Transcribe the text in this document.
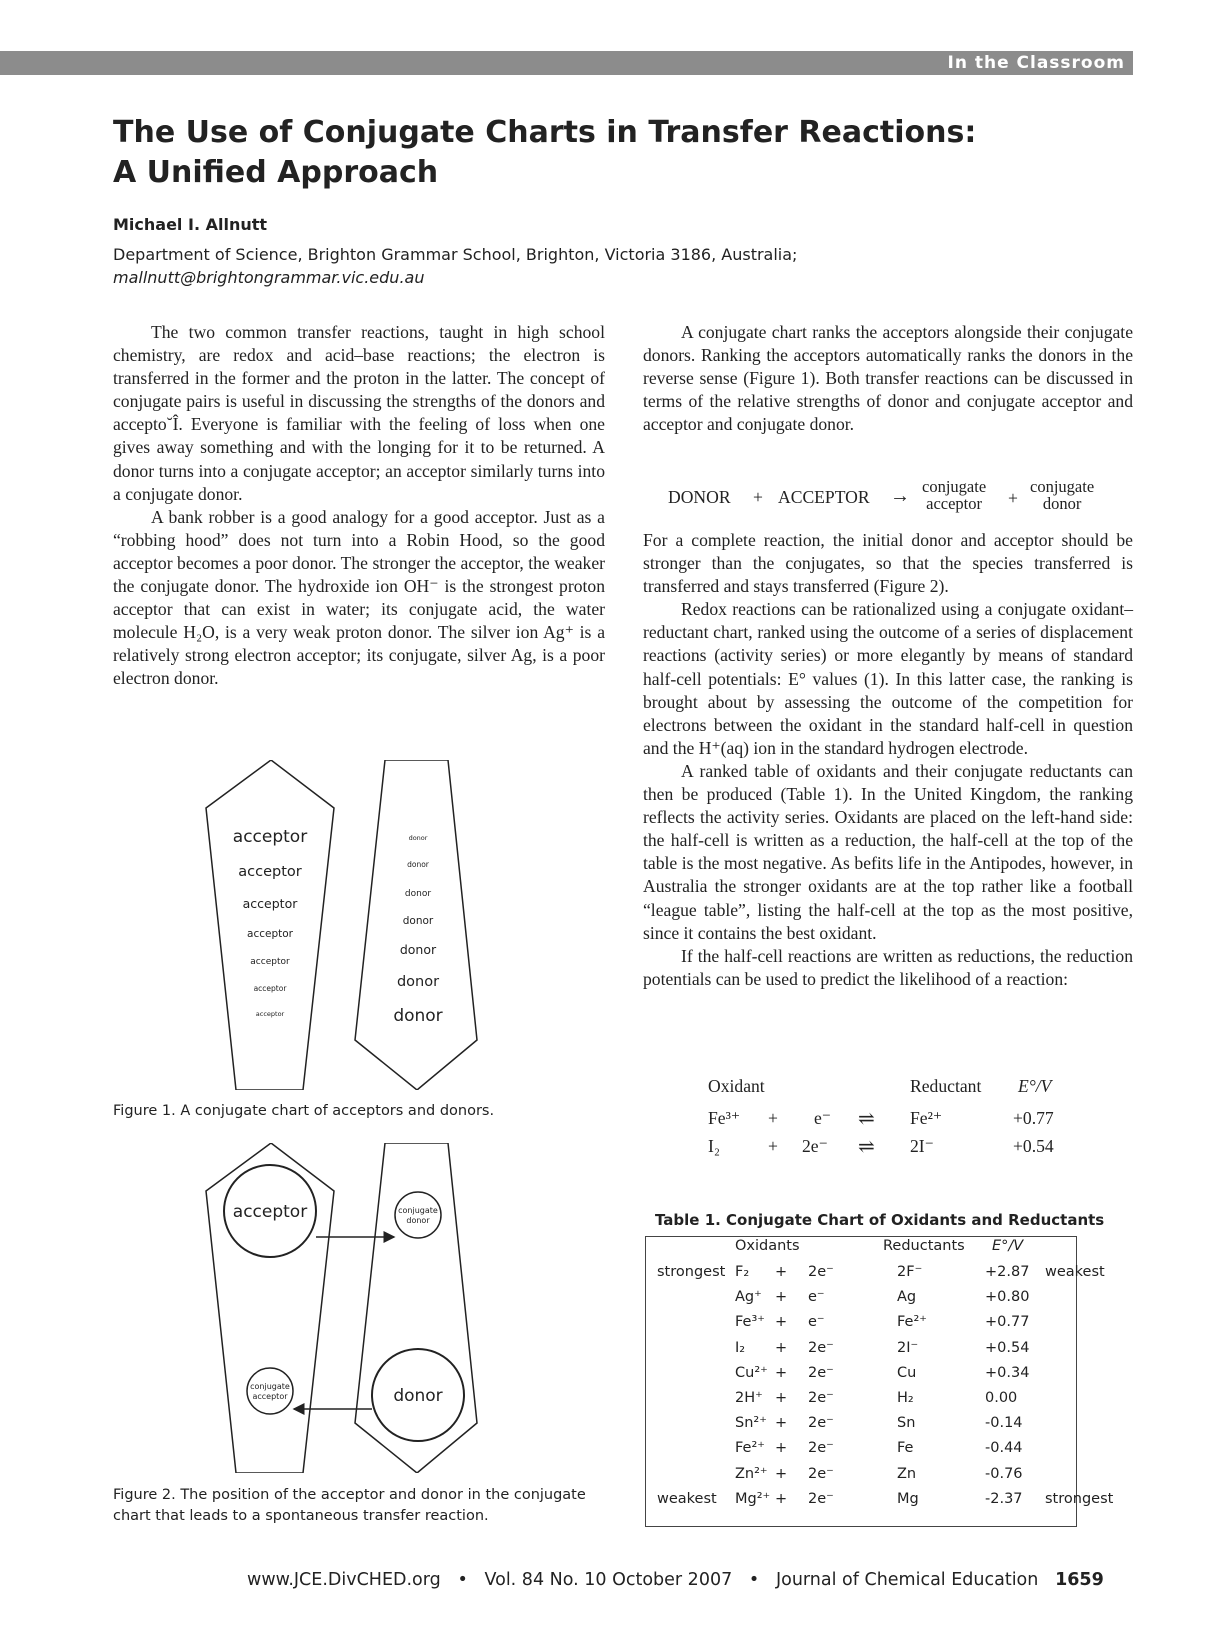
In the Classroom
The Use of Conjugate Charts in Transfer Reactions:
A Unified Approach
Michael I. Allnutt
Department of Science, Brighton Grammar School, Brighton, Victoria 3186, Australia;
mallnutt@brightongrammar.vic.edu.au

The two common transfer reactions, taught in high school chemistry, are redox and acid–base reactions; the electron is transferred in the former and the proton in the latter. The concept of conjugate pairs is useful in discussing the strengths of the donors and accepto˘Î. Everyone is familiar with the feeling of loss when one gives away something and with the longing for it to be returned. A donor turns into a conjugate acceptor; an acceptor similarly turns into a conjugate donor.

A bank robber is a good analogy for a good acceptor. Just as a “robbing hood” does not turn into a Robin Hood, so the good acceptor becomes a poor donor. The stronger the acceptor, the weaker the conjugate donor. The hydroxide ion OH⁻ is the strongest proton acceptor that can exist in water; its conjugate acid, the water molecule H₂O, is a very weak proton donor. The silver ion Ag⁺ is a relatively strong electron acceptor; its conjugate, silver Ag, is a poor electron donor.

acceptor
acceptor
acceptor
acceptor
acceptor
acceptor
acceptor
donor
donor
donor
donor
donor
donor
donor
Figure 1. A conjugate chart of acceptors and donors.
acceptor	conjugate
donor
conjugate
acceptor	donor
Figure 2. The position of the acceptor and donor in the conjugate
chart that leads to a spontaneous transfer reaction.

A conjugate chart ranks the acceptors alongside their conjugate donors. Ranking the acceptors automatically ranks the donors in the reverse sense (Figure 1). Both transfer reactions can be discussed in terms of the relative strengths of donor and conjugate acceptor and acceptor and conjugate donor.

DONOR + ACCEPTOR → conjugate
acceptor +
conjugate
donor

For a complete reaction, the initial donor and acceptor should be stronger than the conjugates, so that the species transferred is transferred and stays transferred (Figure 2).

Redox reactions can be rationalized using a conjugate oxidant–reductant chart, ranked using the outcome of a series of displacement reactions (activity series) or more elegantly by means of standard half-cell potentials: E° values (1). In this latter case, the ranking is brought about by assessing the outcome of the competition for electrons between the oxidant in the standard half-cell in question and the H⁺(aq) ion in the standard hydrogen electrode.

A ranked table of oxidants and their conjugate reductants can then be produced (Table 1). In the United Kingdom, the ranking reflects the activity series. Oxidants are placed on the left-hand side: the half-cell is written as a reduction, the half-cell at the top of the table is the most negative. As befits life in the Antipodes, however, in Australia the stronger oxidants are at the top rather like a football “league table”, listing the half-cell at the top as the most positive, since it contains the best oxidant.

If the half-cell reactions are written as reductions, the reduction potentials can be used to predict the likelihood of a reaction:

Oxidant	Reductant E°/V
Fe³⁺ + e⁻ ⇌ Fe²⁺	+0.77
I₂	+ 2e⁻ ⇌ 2I⁻	+0.54
Table 1. Conjugate Chart of Oxidants and Reductants
Oxidants	Reductants E°/V
strongest F₂ + 2e⁻	2F⁻	+2.87 weakest
Ag⁺ + e⁻	Ag	+0.80
Fe³⁺ + e⁻	Fe²⁺	+0.77
I₂ + 2e⁻	2I⁻	+0.54
Cu²⁺ + 2e⁻	Cu	+0.34
2H⁺ + 2e⁻	H₂	0.00
Sn²⁺ + 2e⁻	Sn	-0.14
Fe²⁺ + 2e⁻	Fe	-0.44
Zn²⁺ + 2e⁻	Zn	-0.76
weakest Mg²⁺ + 2e⁻	Mg	-2.37 strongest
www.JCE.DivCHED.org • Vol. 84 No. 10 October 2007 • Journal of Chemical Education 1659
